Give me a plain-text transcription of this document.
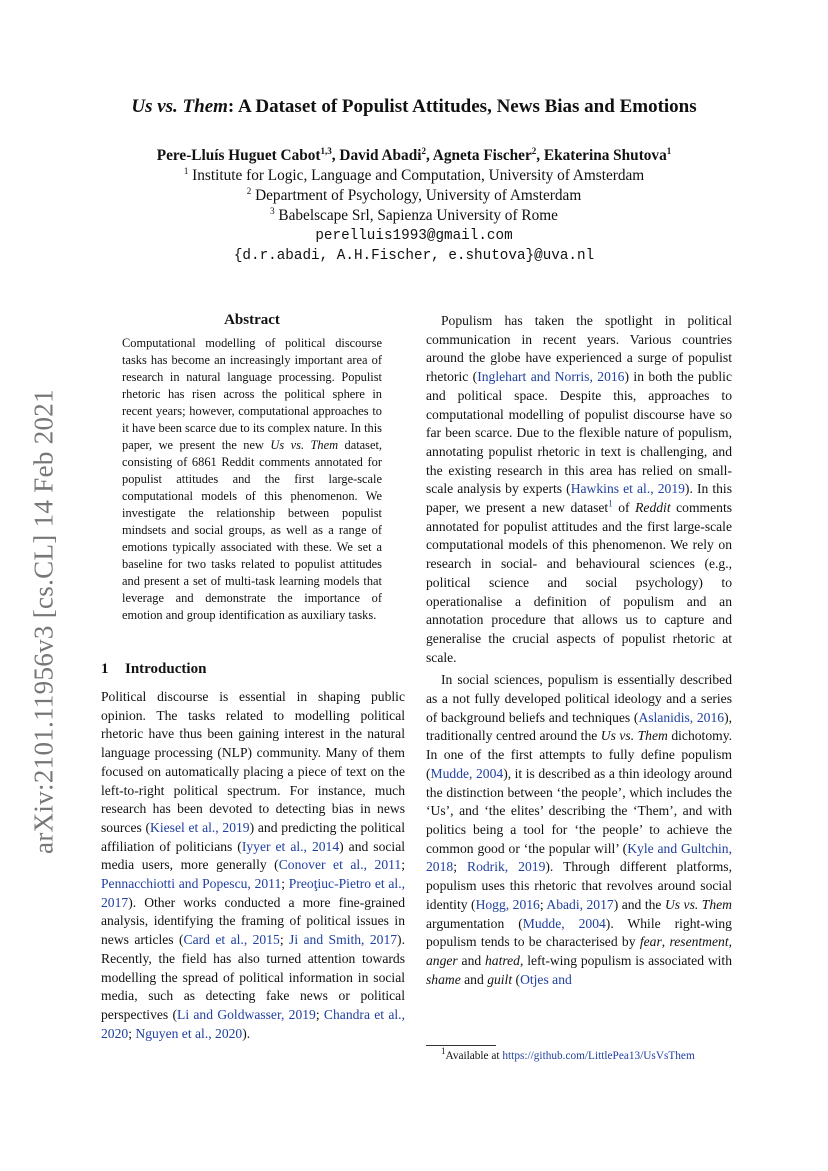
arXiv:2101.11956v3 [cs.CL] 14 Feb 2021
Us vs. Them: A Dataset of Populist Attitudes, News Bias and Emotions
Pere-Lluís Huguet Cabot$^{1,3}$, David Abadi$^2$, Agneta Fischer$^2$, Ekaterina Shutova$^1$
$^1$ Institute for Logic, Language and Computation, University of Amsterdam
$^2$ Department of Psychology, University of Amsterdam
$^3$ Babelscape Srl, Sapienza University of Rome
perelluis1993@gmail.com
{d.r.abadi, A.H.Fischer, e.shutova}@uva.nl
Abstract
Computational modelling of political discourse tasks has become an increasingly important area of research in natural language processing. Populist rhetoric has risen across the political sphere in recent years; however, computational approaches to it have been scarce due to its complex nature. In this paper, we present the new Us vs. Them dataset, consisting of 6861 Reddit comments annotated for populist attitudes and the first large-scale computational models of this phenomenon. We investigate the relationship between populist mindsets and social groups, as well as a range of emotions typically associated with these. We set a baseline for two tasks related to populist attitudes and present a set of multi-task learning models that leverage and demonstrate the importance of emotion and group identification as auxiliary tasks.
1 Introduction
Political discourse is essential in shaping public opinion. The tasks related to modelling political rhetoric have thus been gaining interest in the natural language processing (NLP) community. Many of them focused on automatically placing a piece of text on the left-to-right political spectrum. For instance, much research has been devoted to detecting bias in news sources (Kiesel et al., 2019) and predicting the political affiliation of politicians (Iyyer et al., 2014) and social media users, more generally (Conover et al., 2011; Pennacchiotti and Popescu, 2011; Preoţiuc-Pietro et al., 2017). Other works conducted a more fine-grained analysis, identifying the framing of political issues in news articles (Card et al., 2015; Ji and Smith, 2017). Recently, the field has also turned attention towards modelling the spread of political information in social media, such as detecting fake news or political perspectives (Li and Goldwasser, 2019; Chandra et al., 2020; Nguyen et al., 2020).

Populism has taken the spotlight in political communication in recent years. Various countries around the globe have experienced a surge of populist rhetoric (Inglehart and Norris, 2016) in both the public and political space. Despite this, approaches to computational modelling of populist discourse have so far been scarce. Due to the flexible nature of populism, annotating populist rhetoric in text is challenging, and the existing research in this area has relied on small-scale analysis by experts (Hawkins et al., 2019). In this paper, we present a new dataset$^1$ of Reddit comments annotated for populist attitudes and the first large-scale computational models of this phenomenon. We rely on research in social- and behavioural sciences (e.g., political science and social psychology) to operationalise a definition of populism and an annotation procedure that allows us to capture and generalise the crucial aspects of populist rhetoric at scale.

In social sciences, populism is essentially described as a not fully developed political ideology and a series of background beliefs and techniques (Aslanidis, 2016), traditionally centred around the Us vs. Them dichotomy. In one of the first attempts to fully define populism (Mudde, 2004), it is described as a thin ideology around the distinction between ‘the people’, which includes the ‘Us’, and ‘the elites’ describing the ‘Them’, and with politics being a tool for ‘the people’ to achieve the common good or ‘the popular will’ (Kyle and Gultchin, 2018; Rodrik, 2019). Through different platforms, populism uses this rhetoric that revolves around social identity (Hogg, 2016; Abadi, 2017) and the Us vs. Them argumentation (Mudde, 2004). While right-wing populism tends to be characterised by fear, resentment, anger and hatred, left-wing populism is associated with shame and guilt (Otjes and

$^1$Available at https://github.com/LittlePea13/UsVsThem
